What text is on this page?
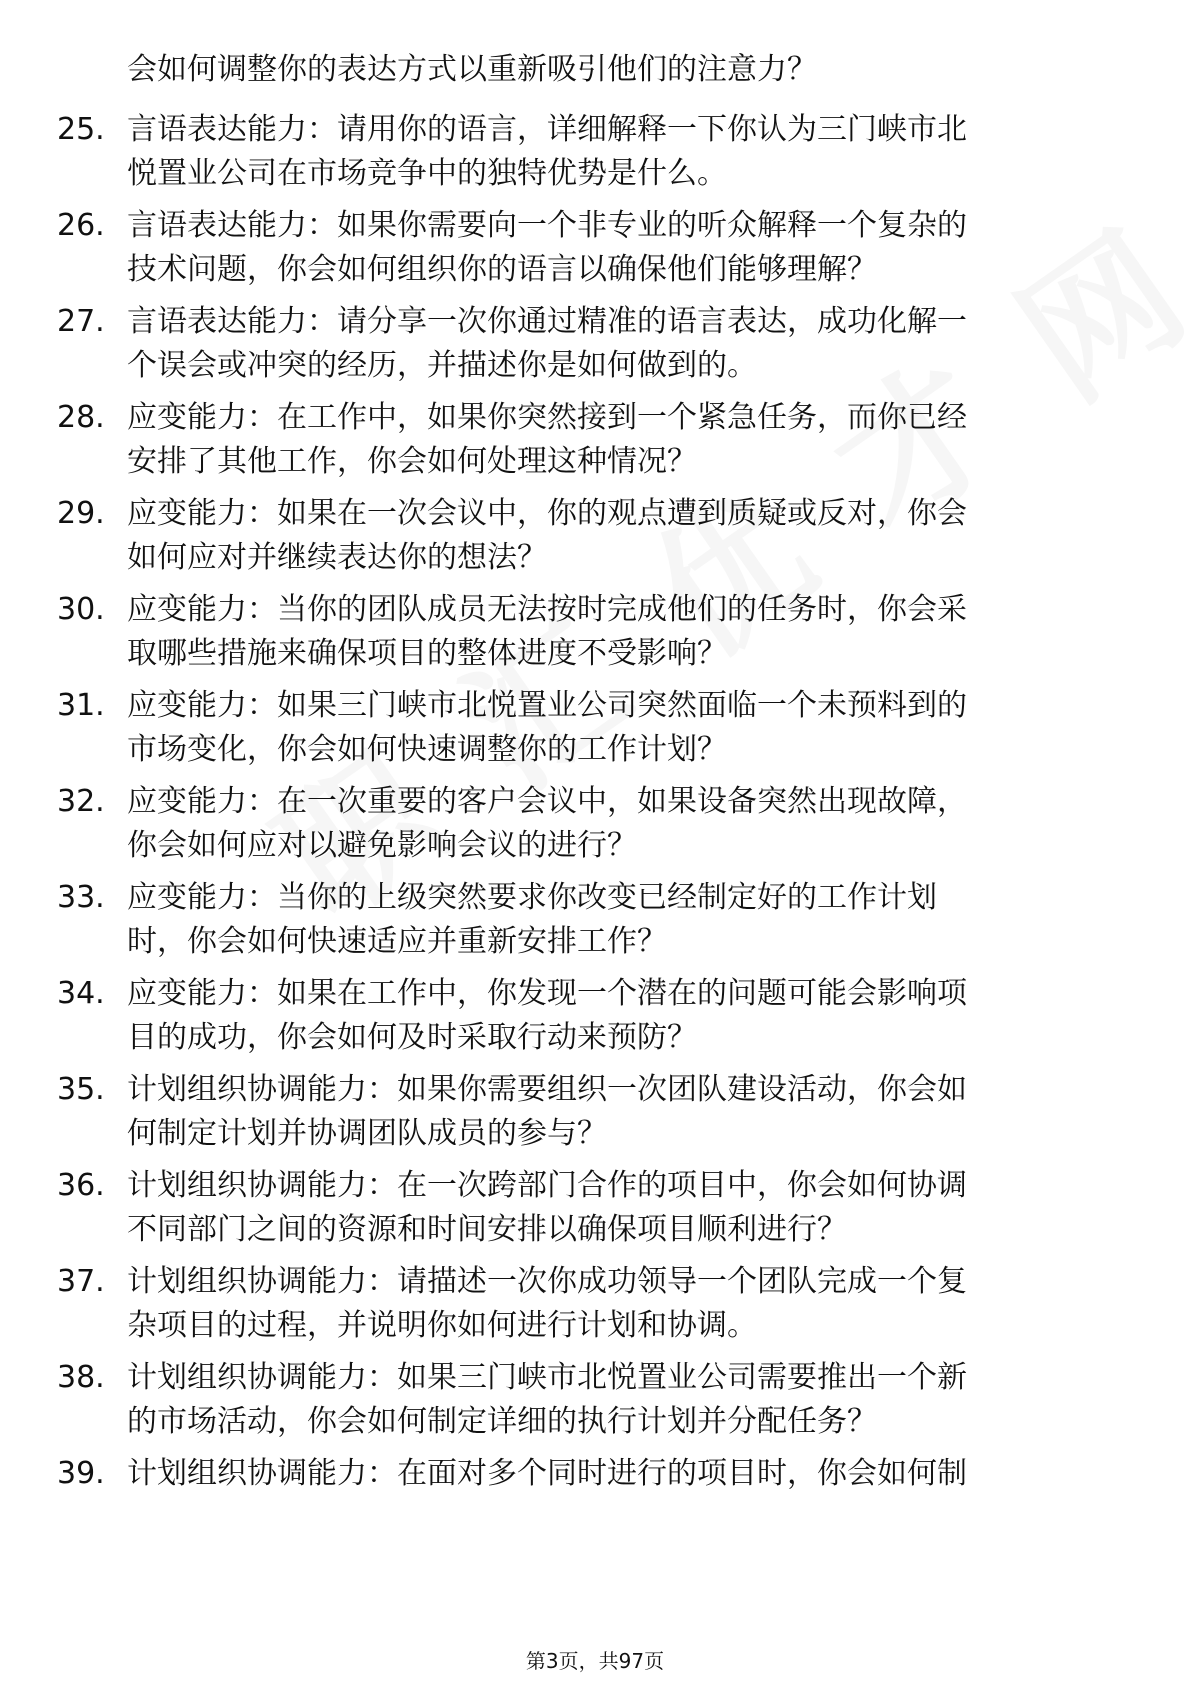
会如何调整你的表达方式以重新吸引他们的注意力？
25. 言语表达能力：请用你的语言，详细解释一下你认为三门峡市北
悦置业公司在市场竞争中的独特优势是什么。
26. 言语表达能力：如果你需要向一个非专业的听众解释一个复杂的
技术问题，你会如何组织你的语言以确保他们能够理解？
27. 言语表达能力：请分享一次你通过精准的语言表达，成功化解一
个误会或冲突的经历，并描述你是如何做到的。
28. 应变能力：在工作中，如果你突然接到一个紧急任务，而你已经
安排了其他工作，你会如何处理这种情况？
29. 应变能力：如果在一次会议中，你的观点遭到质疑或反对，你会
如何应对并继续表达你的想法？
30. 应变能力：当你的团队成员无法按时完成他们的任务时，你会采
取哪些措施来确保项目的整体进度不受影响？
31. 应变能力：如果三门峡市北悦置业公司突然面临一个未预料到的
市场变化，你会如何快速调整你的工作计划？
32. 应变能力：在一次重要的客户会议中，如果设备突然出现故障，
你会如何应对以避免影响会议的进行？
33. 应变能力：当你的上级突然要求你改变已经制定好的工作计划
时，你会如何快速适应并重新安排工作？
34. 应变能力：如果在工作中，你发现一个潜在的问题可能会影响项
目的成功，你会如何及时采取行动来预防？
35. 计划组织协调能力：如果你需要组织一次团队建设活动，你会如
何制定计划并协调团队成员的参与？
36. 计划组织协调能力：在一次跨部门合作的项目中，你会如何协调
不同部门之间的资源和时间安排以确保项目顺利进行？
37. 计划组织协调能力：请描述一次你成功领导一个团队完成一个复
杂项目的过程，并说明你如何进行计划和协调。
38. 计划组织协调能力：如果三门峡市北悦置业公司需要推出一个新
的市场活动，你会如何制定详细的执行计划并分配任务？
39. 计划组织协调能力：在面对多个同时进行的项目时，你会如何制
第3页，共97页
